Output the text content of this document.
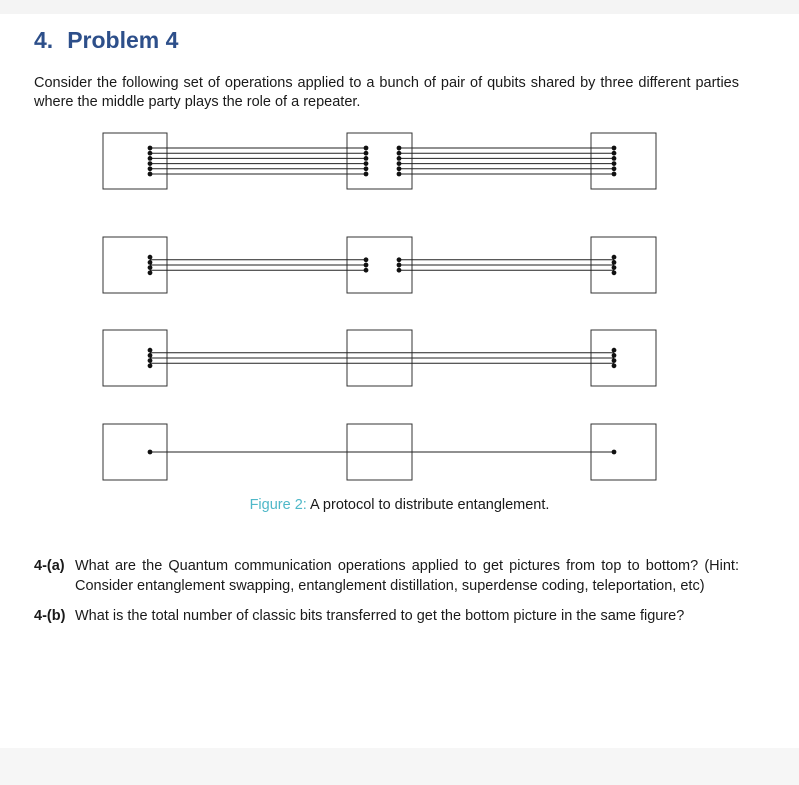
4. Problem 4

Consider the following set of operations applied to a bunch of pair of qubits shared by three different parties where the middle party plays the role of a repeater.

Figure 2: A protocol to distribute entanglement.
4-(a) What are the Quantum communication operations applied to get pictures from top to bottom? (Hint: Consider entanglement swapping, entanglement distillation, superdense coding, teleportation, etc)
4-(b) What is the total number of classic bits transferred to get the bottom picture in the same figure?
